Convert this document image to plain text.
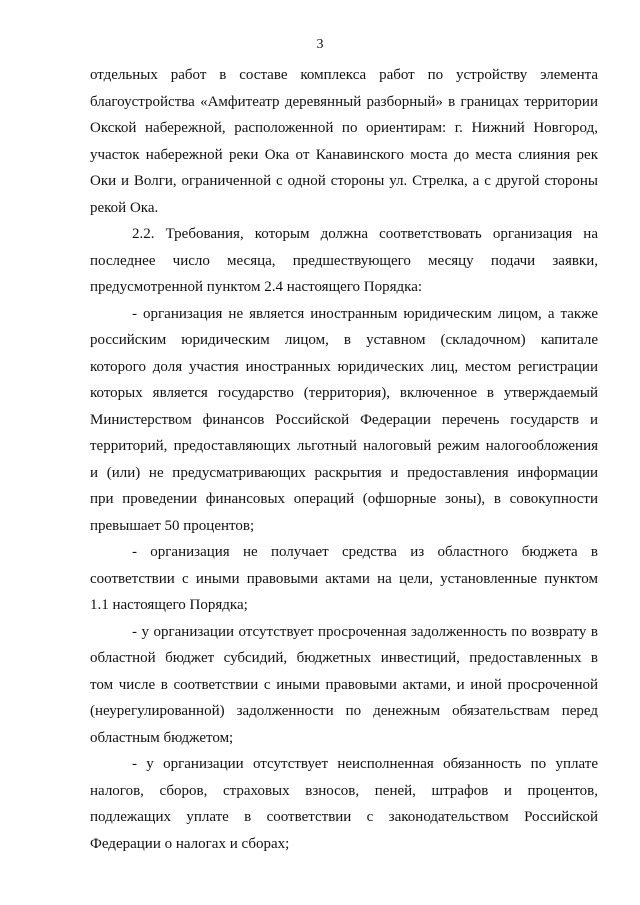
3
отдельных работ в составе комплекса работ по устройству элемента
благоустройства «Амфитеатр деревянный разборный» в границах территории
Окской набережной, расположенной по ориентирам: г. Нижний Новгород,
участок набережной реки Ока от Канавинского моста до места слияния рек
Оки и Волги, ограниченной с одной стороны ул. Стрелка, а с другой стороны
рекой Ока.
2.2. Требования, которым должна соответствовать организация на
последнее число месяца, предшествующего месяцу подачи заявки,
предусмотренной пунктом 2.4 настоящего Порядка:
- организация не является иностранным юридическим лицом, а также
российским юридическим лицом, в уставном (складочном) капитале
которого доля участия иностранных юридических лиц, местом регистрации
которых является государство (территория), включенное в утверждаемый
Министерством финансов Российской Федерации перечень государств и
территорий, предоставляющих льготный налоговый режим налогообложения
и (или) не предусматривающих раскрытия и предоставления информации
при проведении финансовых операций (офшорные зоны), в совокупности
превышает 50 процентов;
- организация не получает средства из областного бюджета в
соответствии с иными правовыми актами на цели, установленные пунктом
1.1 настоящего Порядка;
- у организации отсутствует просроченная задолженность по возврату в
областной бюджет субсидий, бюджетных инвестиций, предоставленных в
том числе в соответствии с иными правовыми актами, и иной просроченной
(неурегулированной) задолженности по денежным обязательствам перед
областным бюджетом;
- у организации отсутствует неисполненная обязанность по уплате
налогов, сборов, страховых взносов, пеней, штрафов и процентов,
подлежащих уплате в соответствии с законодательством Российской
Федерации о налогах и сборах;
